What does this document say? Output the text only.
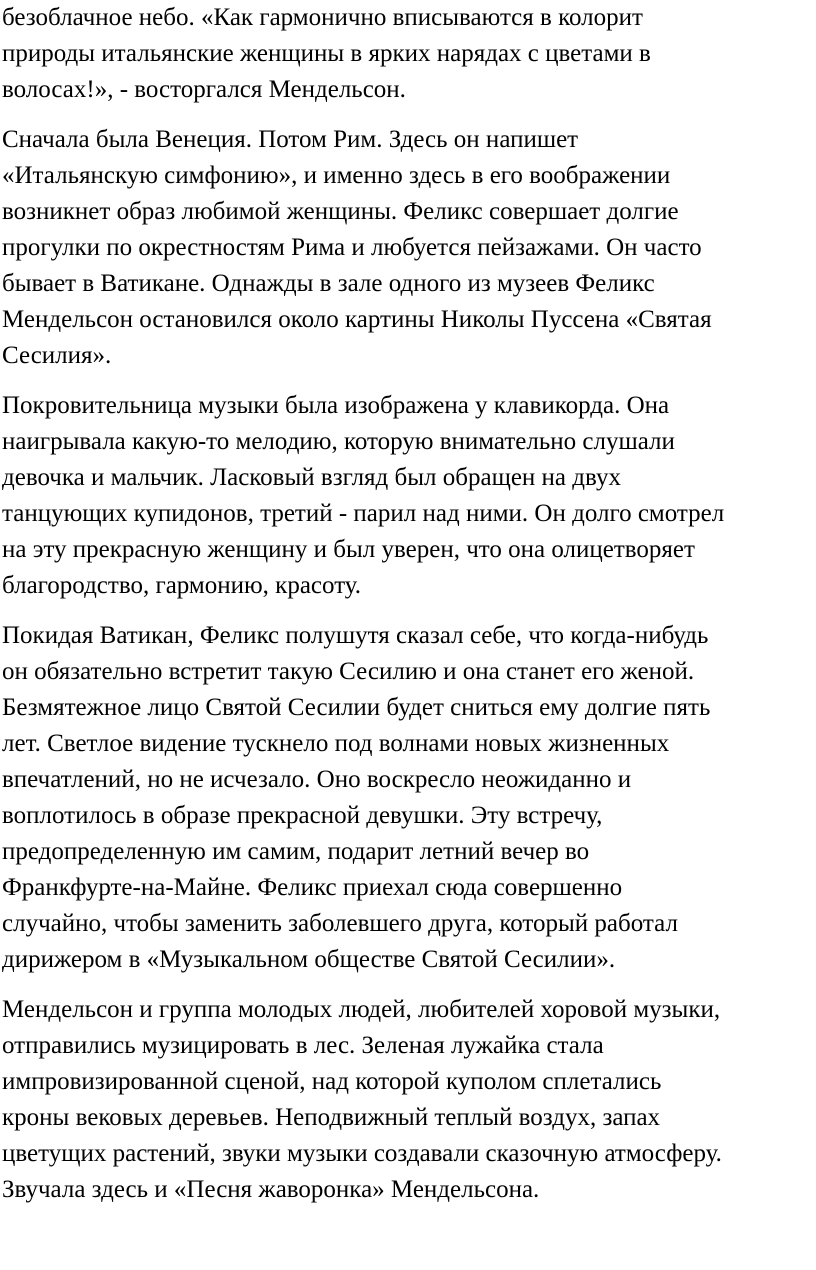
безоблачное небо. «Как гармонично вписываются в колорит
природы итальянские женщины в ярких нарядах с цветами в
волосах!», - восторгался Мендельсон.

Сначала была Венеция. Потом Рим. Здесь он напишет
«Итальянскую симфонию», и именно здесь в его воображении
возникнет образ любимой женщины. Феликс совершает долгие
прогулки по окрестностям Рима и любуется пейзажами. Он часто
бывает в Ватикане. Однажды в зале одного из музеев Феликс
Мендельсон остановился около картины Николы Пуссена «Святая
Сесилия».

Покровительница музыки была изображена у клавикорда. Она
наигрывала какую-то мелодию, которую внимательно слушали
девочка и мальчик. Ласковый взгляд был обращен на двух
танцующих купидонов, третий - парил над ними. Он долго смотрел
на эту прекрасную женщину и был уверен, что она олицетворяет
благородство, гармонию, красоту.

Покидая Ватикан, Феликс полушутя сказал себе, что когда-нибудь
он обязательно встретит такую Сесилию и она станет его женой.
Безмятежное лицо Святой Сесилии будет сниться ему долгие пять
лет. Светлое видение тускнело под волнами новых жизненных
впечатлений, но не исчезало. Оно воскресло неожиданно и
воплотилось в образе прекрасной девушки. Эту встречу,
предопределенную им самим, подарит летний вечер во
Франкфурте-на-Майне. Феликс приехал сюда совершенно
случайно, чтобы заменить заболевшего друга, который работал
дирижером в «Музыкальном обществе Святой Сесилии».

Мендельсон и группа молодых людей, любителей хоровой музыки,
отправились музицировать в лес. Зеленая лужайка стала
импровизированной сценой, над которой куполом сплетались
кроны вековых деревьев. Неподвижный теплый воздух, запах
цветущих растений, звуки музыки создавали сказочную атмосферу.
Звучала здесь и «Песня жаворонка» Мендельсона.
